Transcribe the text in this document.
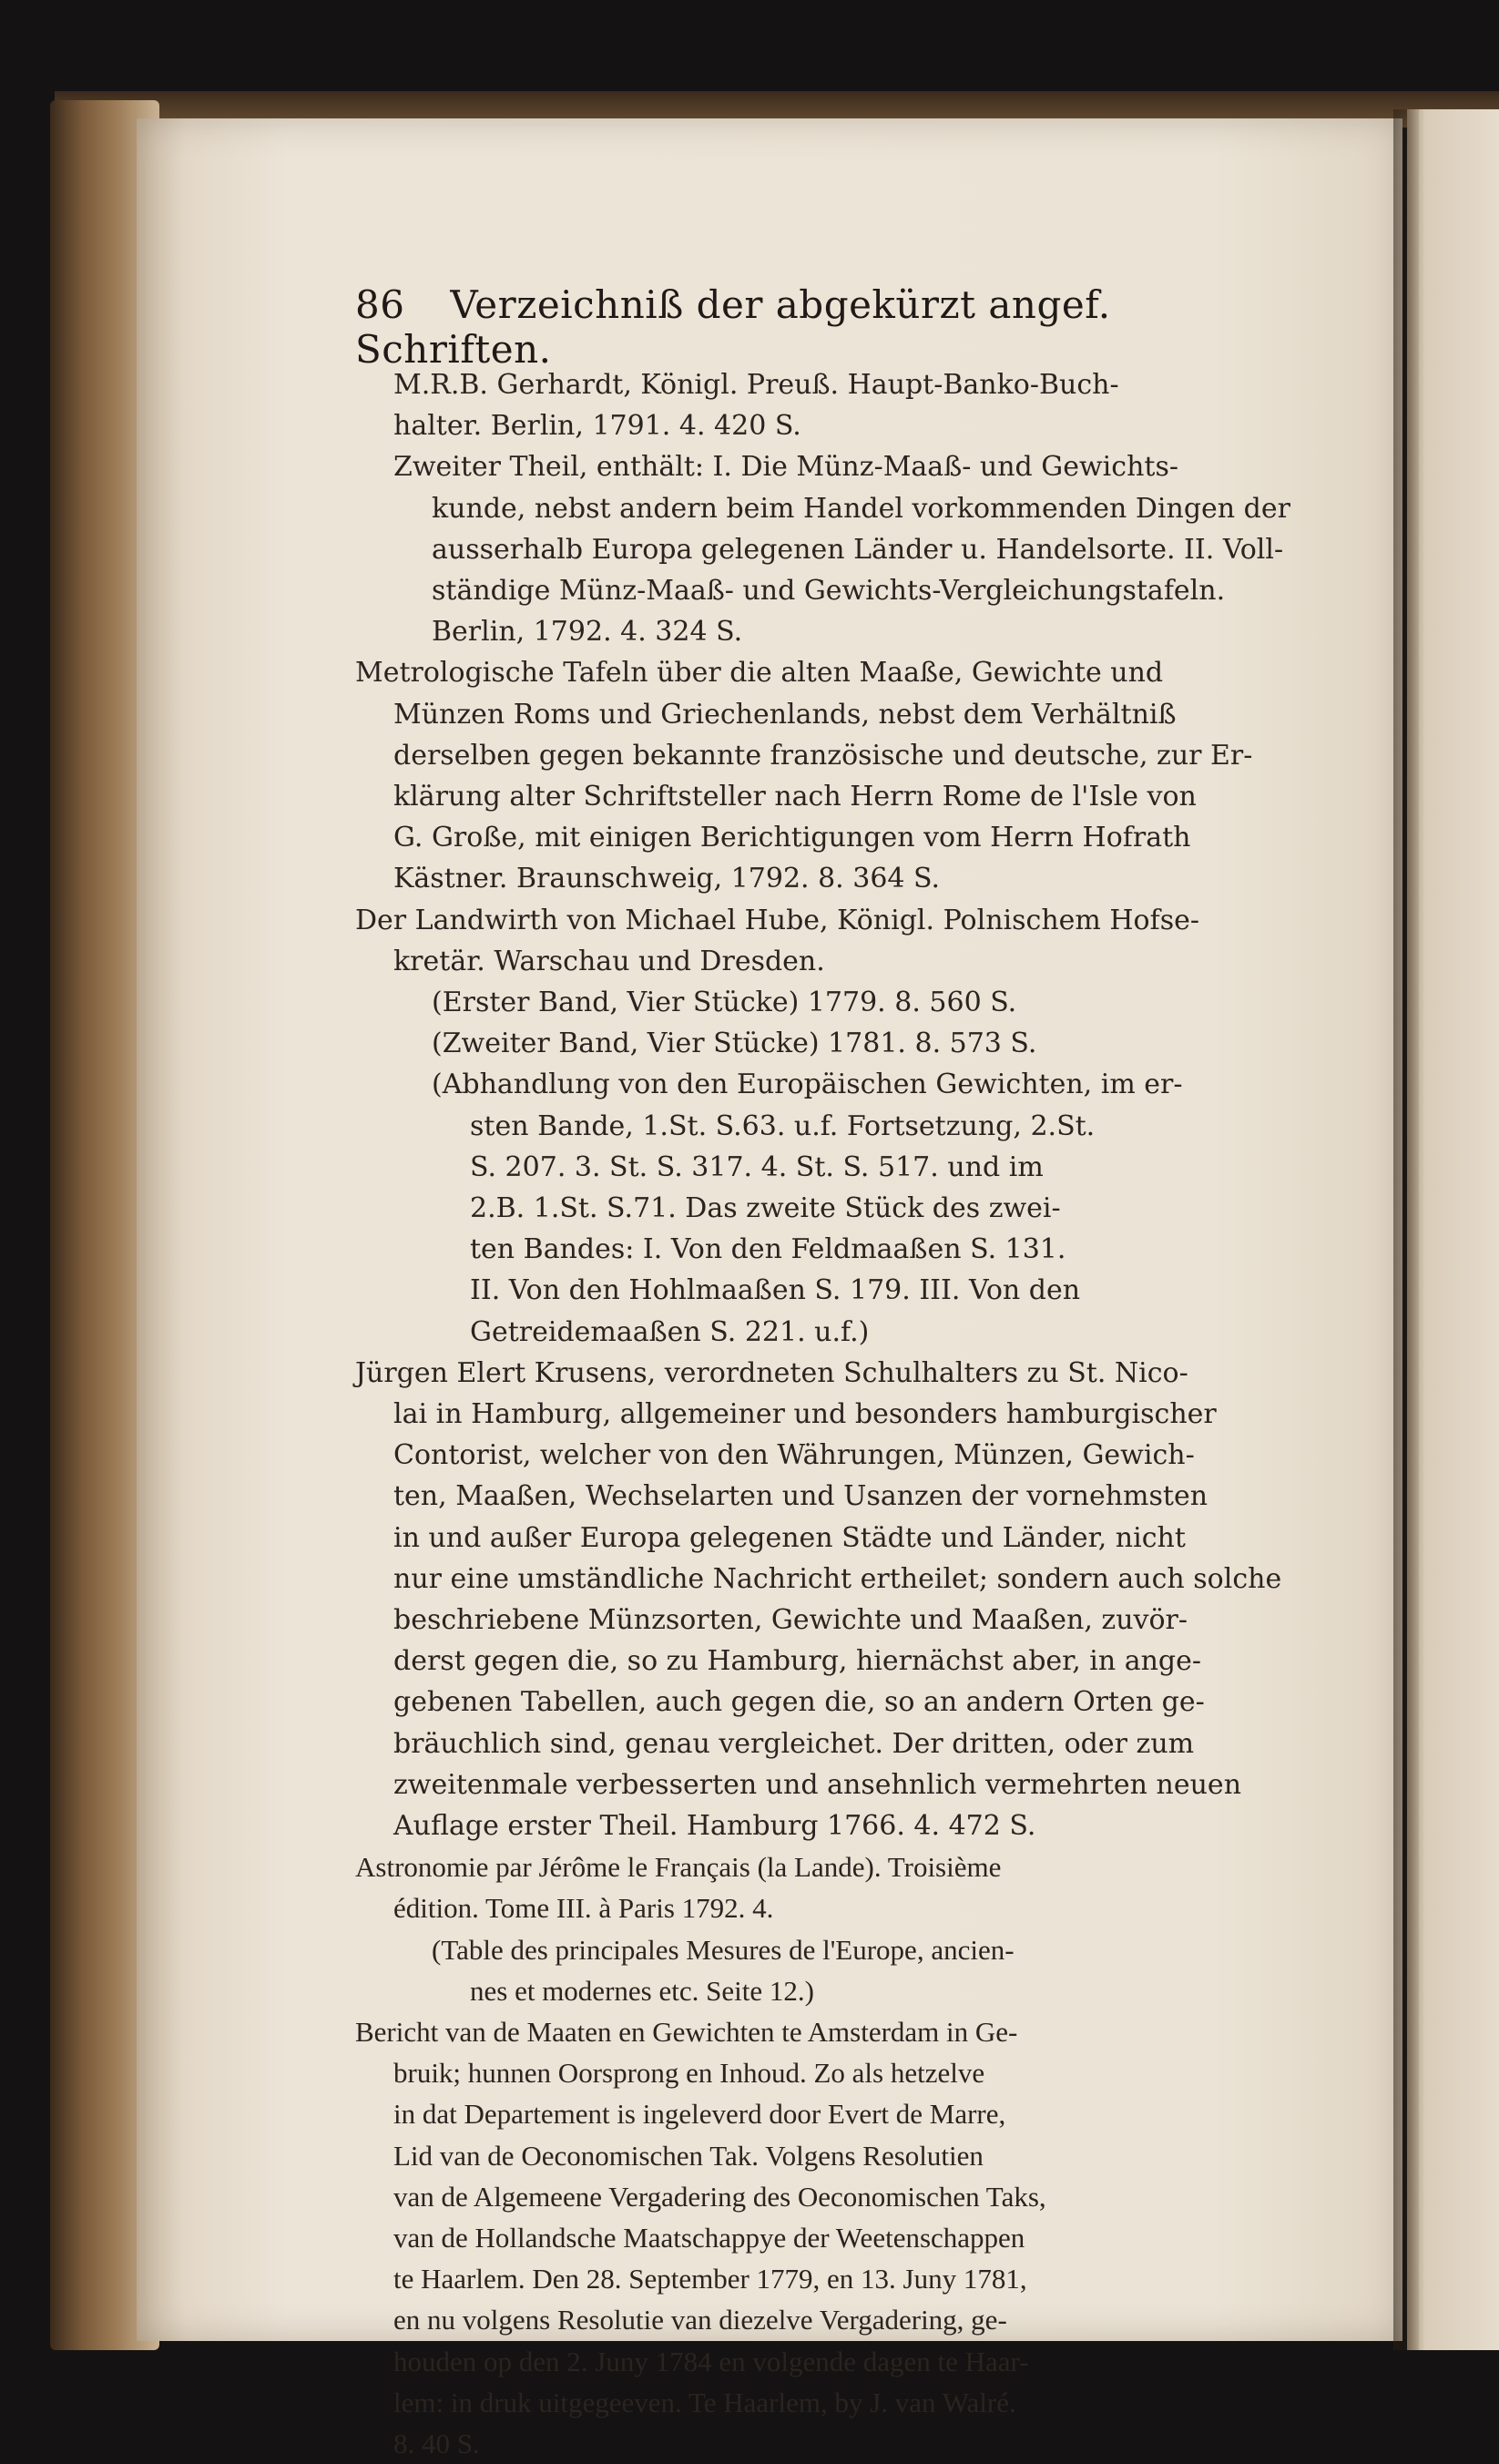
86 Verzeichniß der abgekürzt angef. Schriften.
M.R.B. Gerhardt, Königl. Preuß. Haupt-Banko-Buch-
halter. Berlin, 1791. 4. 420 S.
Zweiter Theil, enthält: I. Die Münz-Maaß- und Gewichts-
kunde, nebst andern beim Handel vorkommenden Dingen der
ausserhalb Europa gelegenen Länder u. Handelsorte. II. Voll-
ständige Münz-Maaß- und Gewichts-Vergleichungstafeln.
Berlin, 1792. 4. 324 S.
Metrologische Tafeln über die alten Maaße, Gewichte und
Münzen Roms und Griechenlands, nebst dem Verhältniß
derselben gegen bekannte französische und deutsche, zur Er-
klärung alter Schriftsteller nach Herrn Rome de l'Isle von
G. Große, mit einigen Berichtigungen vom Herrn Hofrath
Kästner. Braunschweig, 1792. 8. 364 S.
Der Landwirth von Michael Hube, Königl. Polnischem Hofse-
kretär. Warschau und Dresden.
(Erster Band, Vier Stücke) 1779. 8. 560 S.
(Zweiter Band, Vier Stücke) 1781. 8. 573 S.
(Abhandlung von den Europäischen Gewichten, im er-
sten Bande, 1.St. S.63. u.f. Fortsetzung, 2.St.
S. 207. 3. St. S. 317. 4. St. S. 517. und im
2.B. 1.St. S.71. Das zweite Stück des zwei-
ten Bandes: I. Von den Feldmaaßen S. 131.
II. Von den Hohlmaaßen S. 179. III. Von den
Getreidemaaßen S. 221. u.f.)
Jürgen Elert Krusens, verordneten Schulhalters zu St. Nico-
lai in Hamburg, allgemeiner und besonders hamburgischer
Contorist, welcher von den Währungen, Münzen, Gewich-
ten, Maaßen, Wechselarten und Usanzen der vornehmsten
in und außer Europa gelegenen Städte und Länder, nicht
nur eine umständliche Nachricht ertheilet; sondern auch solche
beschriebene Münzsorten, Gewichte und Maaßen, zuvör-
derst gegen die, so zu Hamburg, hiernächst aber, in ange-
gebenen Tabellen, auch gegen die, so an andern Orten ge-
bräuchlich sind, genau vergleichet. Der dritten, oder zum
zweitenmale verbesserten und ansehnlich vermehrten neuen
Auflage erster Theil. Hamburg 1766. 4. 472 S.
Astronomie par Jérôme le Français (la Lande). Troisième
édition. Tome III. à Paris 1792. 4.
(Table des principales Mesures de l'Europe, ancien-
nes et modernes etc. Seite 12.)
Bericht van de Maaten en Gewichten te Amsterdam in Ge-
bruik; hunnen Oorsprong en Inhoud. Zo als hetzelve
in dat Departement is ingeleverd door Evert de Marre,
Lid van de Oeconomischen Tak. Volgens Resolutien
van de Algemeene Vergadering des Oeconomischen Taks,
van de Hollandsche Maatschappye der Weetenschappen
te Haarlem. Den 28. September 1779, en 13. Juny 1781,
en nu volgens Resolutie van diezelve Vergadering, ge-
houden op den 2. Juny 1784 en volgende dagen te Haar-
lem: in druk uitgegeeven. Te Haarlem, by J. van Walré.
8. 40 S.
